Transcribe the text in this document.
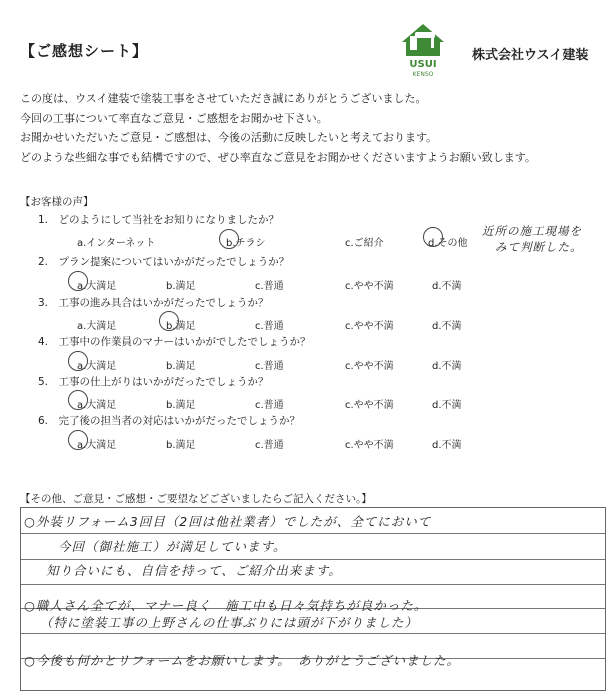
【ご感想シート】
USUI
KENSO
株式会社ウスイ建装
この度は、ウスイ建装で塗装工事をさせていただき誠にありがとうございました。
今回の工事について率直なご意見・ご感想をお聞かせ下さい。
お聞かせいただいたご意見・ご感想は、今後の活動に反映したいと考えております。
どのような些細な事でも結構ですので、ぜひ率直なご意見をお聞かせくださいますようお願い致します。
【お客様の声】
1.　どのようにして当社をお知りになりましたか？
a.インターネット	b.チラシ	c.ご紹介	d.その他
近所の施工現場を
みて判断した。
2.　プラン提案についてはいかがだったでしょうか？
a.大満足	b.満足	c.普通	c.やや不満	d.不満
3.　工事の進み具合はいかがだったでしょうか？
a.大満足	b.満足	c.普通	c.やや不満	d.不満
4.　工事中の作業員のマナーはいかがでしたでしょうか？
a.大満足	b.満足	c.普通	c.やや不満	d.不満
5.　工事の仕上がりはいかがだったでしょうか？
a.大満足	b.満足	c.普通	c.やや不満	d.不満
6.　完了後の担当者の対応はいかがだったでしょうか？
a.大満足	b.満足	c.普通	c.やや不満	d.不満
【その他、ご意見・ご感想・ご要望などございましたらご記入ください。】
○外装リフォーム3回目（2回は他社業者）でしたが、全てにおいて
今回（御社施工）が満足しています。
知り合いにも、自信を持って、ご紹介出来ます。
○職人さん全てが、マナー良く　施工中も日々気持ちが良かった。
（特に塗装工事の上野さんの仕事ぶりには頭が下がりました）
○今後も何かとリフォームをお願いします。　ありがとうございました。
